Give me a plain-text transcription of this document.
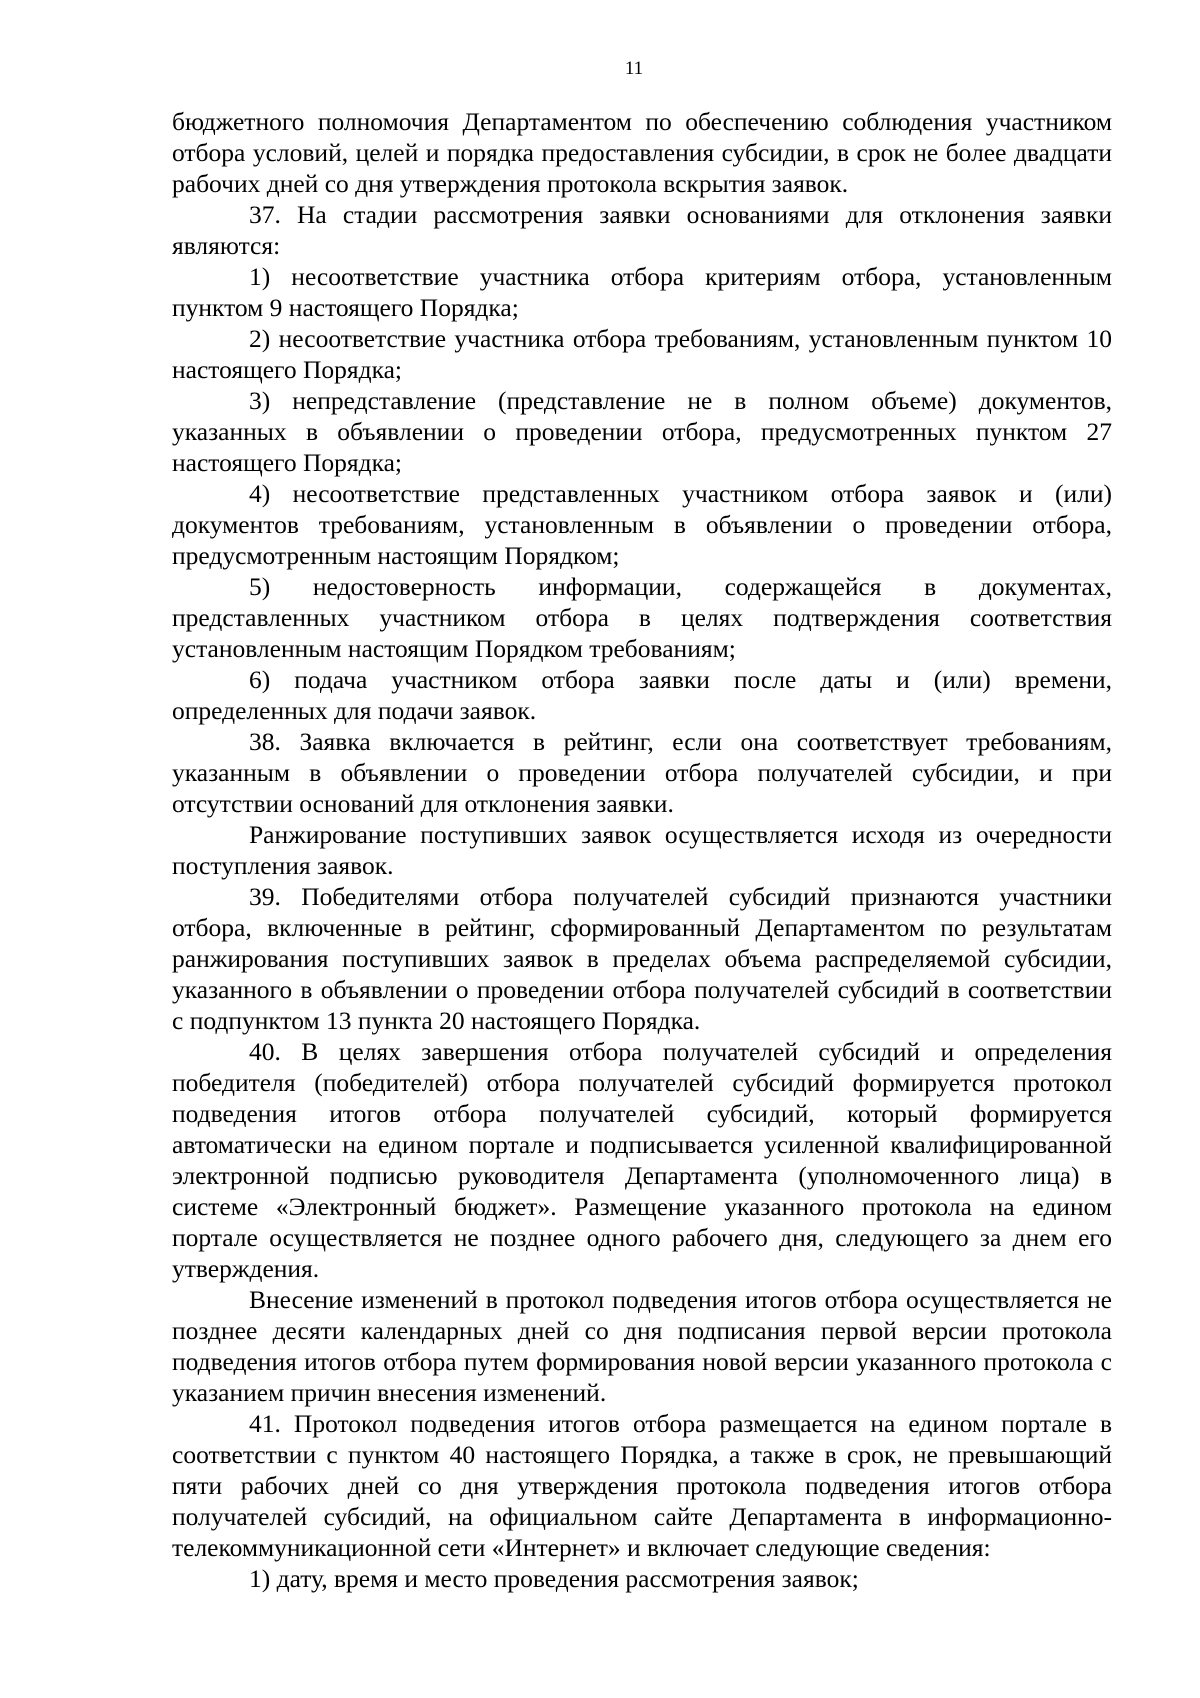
11

бюджетного полномочия Департаментом по обеспечению соблюдения участником отбора условий, целей и порядка предоставления субсидии, в срок не более двадцати рабочих дней со дня утверждения протокола вскрытия заявок.

37. На стадии рассмотрения заявки основаниями для отклонения заявки являются:

1) несоответствие участника отбора критериям отбора, установленным пунктом 9 настоящего Порядка;

2) несоответствие участника отбора требованиям, установленным пунктом 10 настоящего Порядка;

3) непредставление (представление не в полном объеме) документов, указанных в объявлении о проведении отбора, предусмотренных пунктом 27 настоящего Порядка;

4) несоответствие представленных участником отбора заявок и (или) документов требованиям, установленным в объявлении о проведении отбора, предусмотренным настоящим Порядком;

5) недостоверность информации, содержащейся в документах, представленных участником отбора в целях подтверждения соответствия установленным настоящим Порядком требованиям;

6) подача участником отбора заявки после даты и (или) времени, определенных для подачи заявок.

38. Заявка включается в рейтинг, если она соответствует требованиям, указанным в объявлении о проведении отбора получателей субсидии, и при отсутствии оснований для отклонения заявки.

Ранжирование поступивших заявок осуществляется исходя из очередности поступления заявок.

39. Победителями отбора получателей субсидий признаются участники отбора, включенные в рейтинг, сформированный Департаментом по результатам ранжирования поступивших заявок в пределах объема распределяемой субсидии, указанного в объявлении о проведении отбора получателей субсидий в соответствии с подпунктом 13 пункта 20 настоящего Порядка.

40. В целях завершения отбора получателей субсидий и определения победителя (победителей) отбора получателей субсидий формируется протокол подведения итогов отбора получателей субсидий, который формируется автоматически на едином портале и подписывается усиленной квалифицированной электронной подписью руководителя Департамента (уполномоченного лица) в системе «Электронный бюджет». Размещение указанного протокола на едином портале осуществляется не позднее одного рабочего дня, следующего за днем его утверждения.

Внесение изменений в протокол подведения итогов отбора осуществляется не позднее десяти календарных дней со дня подписания первой версии протокола подведения итогов отбора путем формирования новой версии указанного протокола с указанием причин внесения изменений.

41. Протокол подведения итогов отбора размещается на едином портале в соответствии с пунктом 40 настоящего Порядка, а также в срок, не превышающий пяти рабочих дней со дня утверждения протокола подведения итогов отбора получателей субсидий, на официальном сайте Департамента в информационно-телекоммуникационной сети «Интернет» и включает следующие сведения:

1) дату, время и место проведения рассмотрения заявок;
